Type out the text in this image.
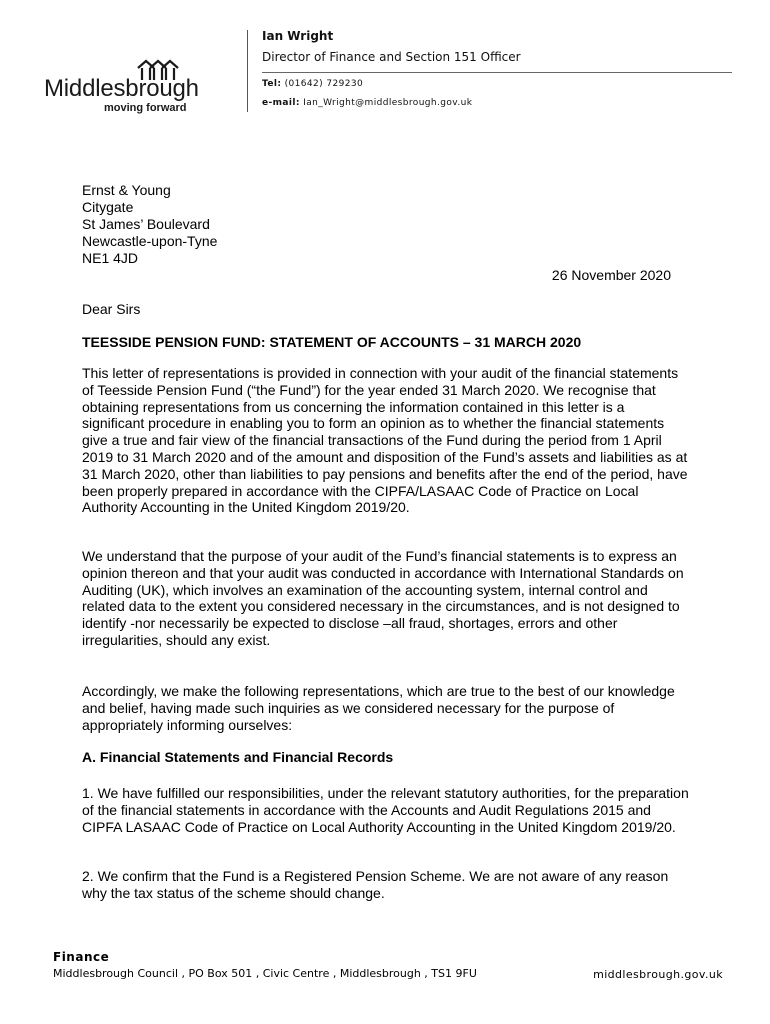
Middlesbrough
moving forward
Ian Wright
Director of Finance and Section 151 Officer
Tel: (01642) 729230
e-mail: Ian_Wright@middlesbrough.gov.uk
Ernst & Young
Citygate
St James’ Boulevard
Newcastle-upon-Tyne
NE1 4JD
26 November 2020
Dear Sirs
TEESSIDE PENSION FUND: STATEMENT OF ACCOUNTS – 31 MARCH 2020

This letter of representations is provided in connection with your audit of the financial statements of Teesside Pension Fund (“the Fund”) for the year ended 31 March 2020. We recognise that obtaining representations from us concerning the information contained in this letter is a significant procedure in enabling you to form an opinion as to whether the financial statements give a true and fair view of the financial transactions of the Fund during the period from 1 April 2019 to 31 March 2020 and of the amount and disposition of the Fund’s assets and liabilities as at 31 March 2020, other than liabilities to pay pensions and benefits after the end of the period, have been properly prepared in accordance with the CIPFA/LASAAC Code of Practice on Local Authority Accounting in the United Kingdom 2019/20.

We understand that the purpose of your audit of the Fund’s financial statements is to express an opinion thereon and that your audit was conducted in accordance with International Standards on Auditing (UK), which involves an examination of the accounting system, internal control and related data to the extent you considered necessary in the circumstances, and is not designed to identify -nor necessarily be expected to disclose –all fraud, shortages, errors and other irregularities, should any exist.

Accordingly, we make the following representations, which are true to the best of our knowledge and belief, having made such inquiries as we considered necessary for the purpose of appropriately informing ourselves:

A. Financial Statements and Financial Records

1. We have fulfilled our responsibilities, under the relevant statutory authorities, for the preparation of the financial statements in accordance with the Accounts and Audit Regulations 2015 and CIPFA LASAAC Code of Practice on Local Authority Accounting in the United Kingdom 2019/20.

2. We confirm that the Fund is a Registered Pension Scheme. We are not aware of any reason why the tax status of the scheme should change.

Finance
Middlesbrough Council , PO Box 501 , Civic Centre , Middlesbrough , TS1 9FU	middlesbrough.gov.uk
